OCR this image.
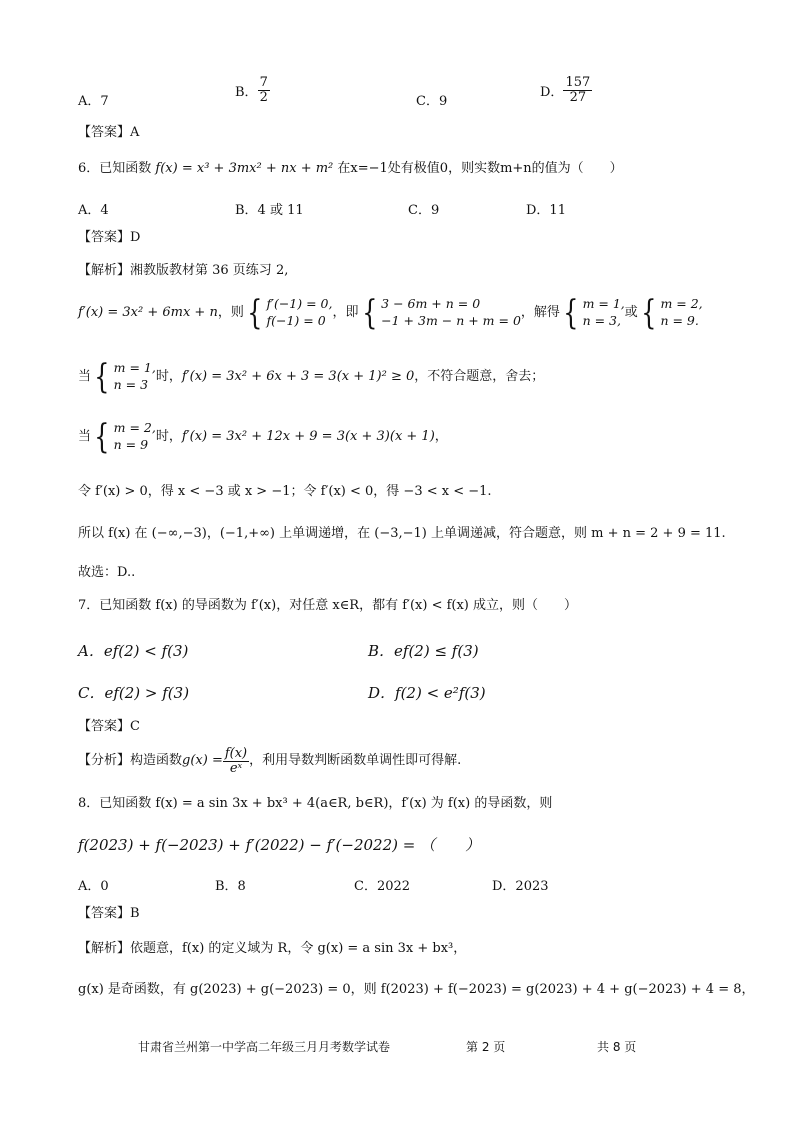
A．7
B． $\frac{7}{2}$	C．9
D． $\frac{157}{27}$
【答案】A
6．已知函数 f(x) = x³ + 3mx² + nx + m² 在x=−1处有极值0，则实数m+n的值为（　　）
A．4	B．4 或 11	C．9	D．11
【答案】D
【解析】湘教版教材第 36 页练习 2,
f′(x) = 3x² + 6mx + n ，则 { f′(−1) = 0,
f(−1) = 0
，即 { 3 − 6m + n = 0
−1 + 3m − n + m = 0
，解得 { m = 1,
n = 3,
或 { m = 2,
n = 9.
当 { m = 1,
n = 3
时， f′(x) = 3x² + 6x + 3 = 3(x + 1)² ≥ 0 ，不符合题意，舍去；
当 { m = 2,
n = 9
时， f′(x) = 3x² + 12x + 9 = 3(x + 3)(x + 1) ，
令 f′(x) > 0，得 x < −3 或 x > −1；令 f′(x) < 0，得 −3 < x < −1.
所以 f(x) 在 (−∞,−3)，(−1,+∞) 上单调递增，在 (−3,−1) 上单调递减，符合题意，则 m + n = 2 + 9 = 11.
故选：D..
7．已知函数 f(x) 的导函数为 f′(x)，对任意 x∈R，都有 f′(x) < f(x) 成立，则（　　）
A．ef(2) < f(3)	B．ef(2) ≤ f(3)
C．ef(2) > f(3)	D．f(2) < e²f(3)
【答案】C
【分析】构造函数 $g(x) = \frac{f(x)}{\text{eˣ}}$ ，利用导数判断函数单调性即可得解.
8．已知函数 f(x) = a sin 3x + bx³ + 4(a∈R, b∈R)，f′(x) 为 f(x) 的导函数，则
f(2023) + f(−2023) + f′(2022) − f′(−2022) = （　　）
A．0	B．8	C．2022	D．2023
【答案】B
【解析】依题意，f(x) 的定义域为 R，令 g(x) = a sin 3x + bx³，
g(x) 是奇函数，有 g(2023) + g(−2023) = 0，则 f(2023) + f(−2023) = g(2023) + 4 + g(−2023) + 4 = 8，
甘肃省兰州第一中学高二年级三月月考数学试卷	第 2 页	共 8 页
